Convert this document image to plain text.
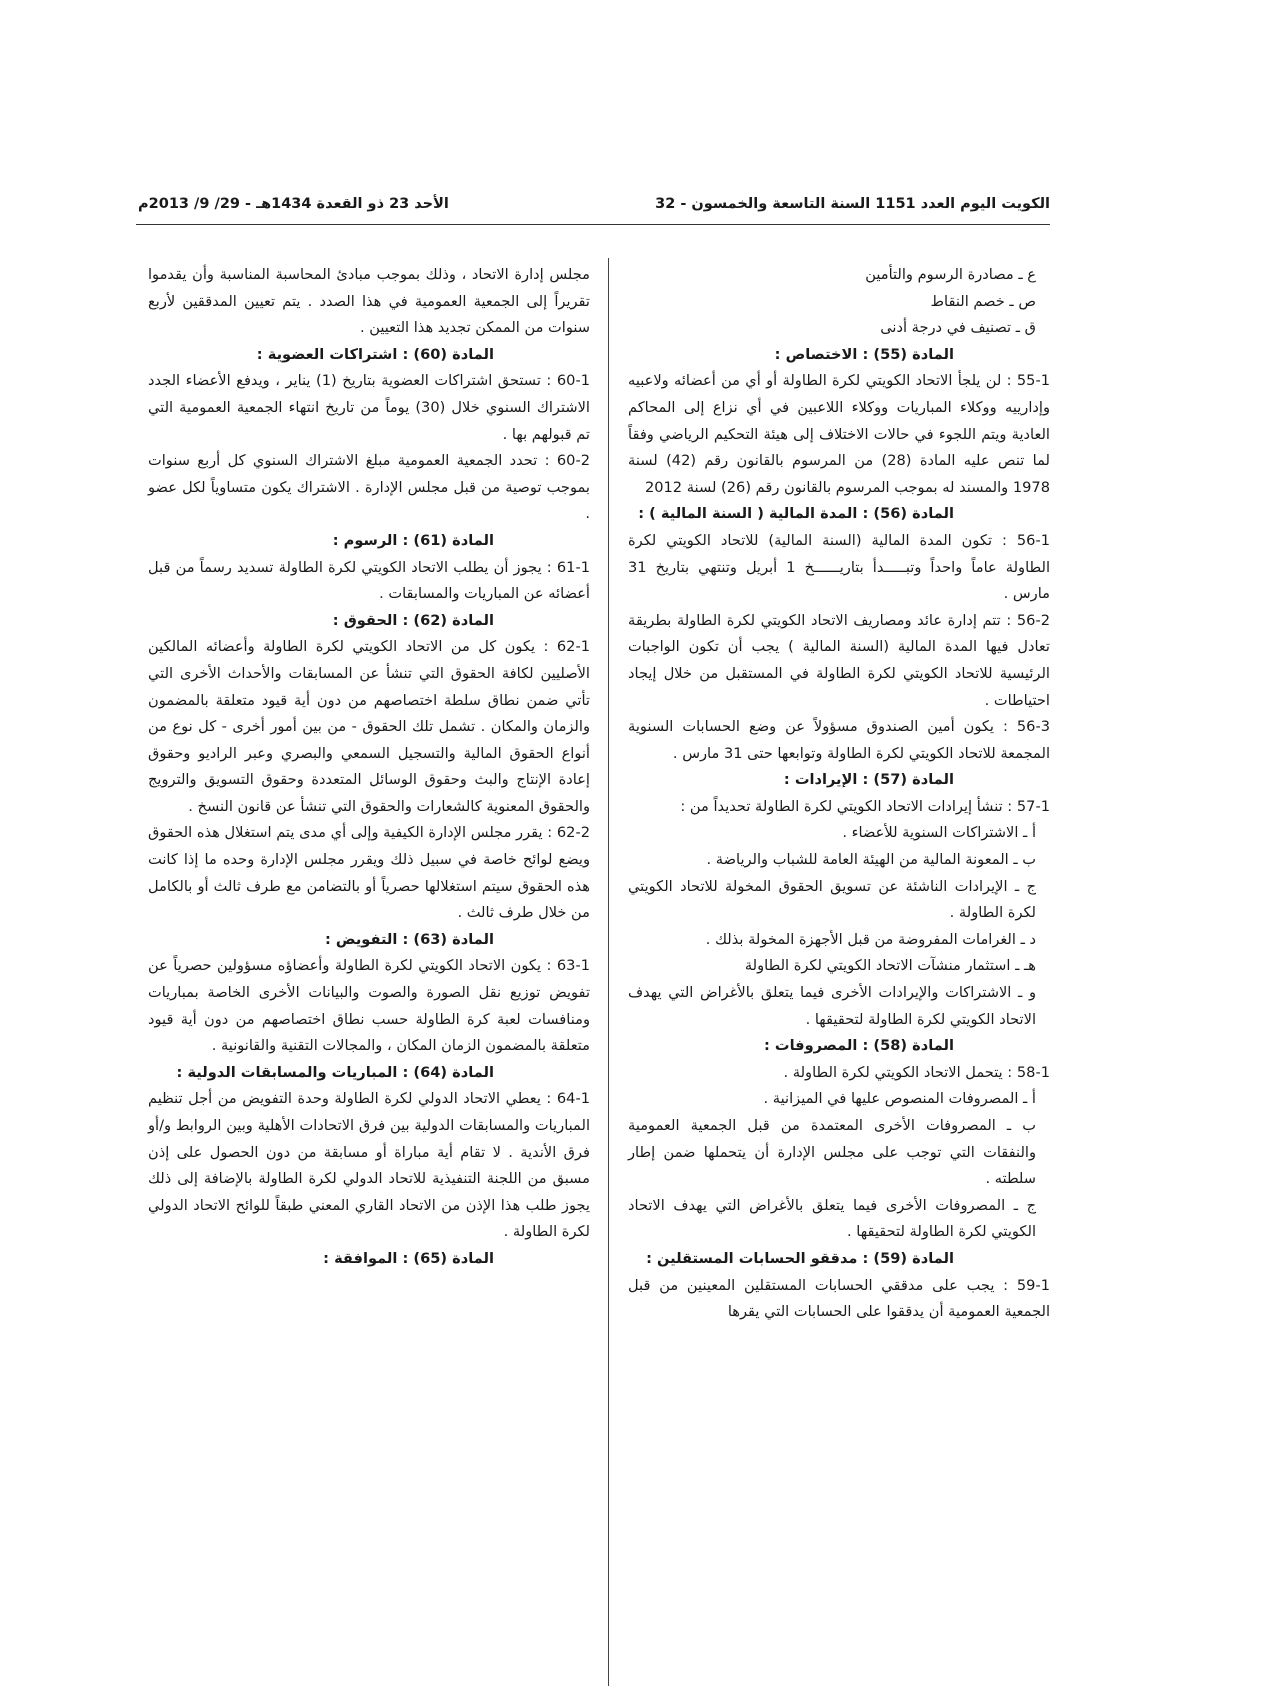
الكويت اليوم العدد 1151 السنة التاسعة والخمسون - 32
الأحد 23 ذو القعدة 1434هـ - 29/ 9/ 2013م

ع ـ مصادرة الرسوم والتأمين

ص ـ خصم النقاط

ق ـ تصنيف في درجة أدنى

المادة (55) : الاختصاص :

55-1 : لن يلجأ الاتحاد الكويتي لكرة الطاولة أو أي من أعضائه ولاعبيه وإدارييه ووكلاء المباريات ووكلاء اللاعبين في أي نزاع إلى المحاكم العادية ويتم اللجوء في حالات الاختلاف إلى هيئة التحكيم الرياضي وفقاً لما تنص عليه المادة (28) من المرسوم بالقانون رقم (42) لسنة 1978 والمسند له بموجب المرسوم بالقانون رقم (26) لسنة 2012

المادة (56) : المدة المالية ( السنة المالية ) :

56-1 : تكون المدة المالية (السنة المالية) للاتحاد الكويتي لكرة الطاولة عاماً واحداً وتبـــــدأ بتاريــــــخ 1 أبريل وتنتهي بتاريخ 31 مارس .

56-2 : تتم إدارة عائد ومصاريف الاتحاد الكويتي لكرة الطاولة بطريقة تعادل فيها المدة المالية (السنة المالية ) يجب أن تكون الواجبات الرئيسية للاتحاد الكويتي لكرة الطاولة في المستقبل من خلال إيجاد احتياطات .

56-3 : يكون أمين الصندوق مسؤولاً عن وضع الحسابات السنوية المجمعة للاتحاد الكويتي لكرة الطاولة وتوابعها حتى 31 مارس .

المادة (57) : الإيرادات :

57-1 : تنشأ إيرادات الاتحاد الكويتي لكرة الطاولة تحديداً من :

أ ـ الاشتراكات السنوية للأعضاء .

ب ـ المعونة المالية من الهيئة العامة للشباب والرياضة .

ج ـ الإيرادات الناشئة عن تسويق الحقوق المخولة للاتحاد الكويتي لكرة الطاولة .

د ـ الغرامات المفروضة من قبل الأجهزة المخولة بذلك .

هـ ـ استثمار منشآت الاتحاد الكويتي لكرة الطاولة

و ـ الاشتراكات والإيرادات الأخرى فيما يتعلق بالأغراض التي يهدف الاتحاد الكويتي لكرة الطاولة لتحقيقها .

المادة (58) : المصروفات :

58-1 : يتحمل الاتحاد الكويتي لكرة الطاولة .

أ ـ المصروفات المنصوص عليها في الميزانية .

ب ـ المصروفات الأخرى المعتمدة من قبل الجمعية العمومية والنفقات التي توجب على مجلس الإدارة أن يتحملها ضمن إطار سلطته .

ج ـ المصروفات الأخرى فيما يتعلق بالأغراض التي يهدف الاتحاد الكويتي لكرة الطاولة لتحقيقها .

المادة (59) : مدققو الحسابات المستقلين :

59-1 : يجب على مدققي الحسابات المستقلين المعينين من قبل الجمعية العمومية أن يدققوا على الحسابات التي يقرها

مجلس إدارة الاتحاد ، وذلك بموجب مبادئ المحاسبة المناسبة وأن يقدموا تقريراً إلى الجمعية العمومية في هذا الصدد . يتم تعيين المدققين لأربع سنوات من الممكن تجديد هذا التعيين .

المادة (60) : اشتراكات العضوية :

60-1 : تستحق اشتراكات العضوية بتاريخ (1) يناير ، ويدفع الأعضاء الجدد الاشتراك السنوي خلال (30) يوماً من تاريخ انتهاء الجمعية العمومية التي تم قبولهم بها .

60-2 : تحدد الجمعية العمومية مبلغ الاشتراك السنوي كل أربع سنوات بموجب توصية من قبل مجلس الإدارة . الاشتراك يكون متساوياً لكل عضو .

المادة (61) : الرسوم :

61-1 : يجوز أن يطلب الاتحاد الكويتي لكرة الطاولة تسديد رسماً من قبل أعضائه عن المباريات والمسابقات .

المادة (62) : الحقوق :

62-1 : يكون كل من الاتحاد الكويتي لكرة الطاولة وأعضائه المالكين الأصليين لكافة الحقوق التي تنشأ عن المسابقات والأحداث الأخرى التي تأتي ضمن نطاق سلطة اختصاصهم من دون أية قيود متعلقة بالمضمون والزمان والمكان . تشمل تلك الحقوق - من بين أمور أخرى - كل نوع من أنواع الحقوق المالية والتسجيل السمعي والبصري وعبر الراديو وحقوق إعادة الإنتاج والبث وحقوق الوسائل المتعددة وحقوق التسويق والترويج والحقوق المعنوية كالشعارات والحقوق التي تنشأ عن قانون النسخ .

62-2 : يقرر مجلس الإدارة الكيفية وإلى أي مدى يتم استغلال هذه الحقوق ويضع لوائح خاصة في سبيل ذلك ويقرر مجلس الإدارة وحده ما إذا كانت هذه الحقوق سيتم استغلالها حصرياً أو بالتضامن مع طرف ثالث أو بالكامل من خلال طرف ثالث .

المادة (63) : التفويض :

63-1 : يكون الاتحاد الكويتي لكرة الطاولة وأعضاؤه مسؤولين حصرياً عن تفويض توزيع نقل الصورة والصوت والبيانات الأخرى الخاصة بمباريات ومنافسات لعبة كرة الطاولة حسب نطاق اختصاصهم من دون أية قيود متعلقة بالمضمون الزمان المكان ، والمجالات التقنية والقانونية .

المادة (64) : المباريات والمسابقات الدولية :

64-1 : يعطي الاتحاد الدولي لكرة الطاولة وحدة التفويض من أجل تنظيم المباريات والمسابقات الدولية بين فرق الاتحادات الأهلية وبين الروابط و/أو فرق الأندية . لا تقام أية مباراة أو مسابقة من دون الحصول على إذن مسبق من اللجنة التنفيذية للاتحاد الدولي لكرة الطاولة بالإضافة إلى ذلك يجوز طلب هذا الإذن من الاتحاد القاري المعني طبقاً للوائح الاتحاد الدولي لكرة الطاولة .

المادة (65) : الموافقة :
